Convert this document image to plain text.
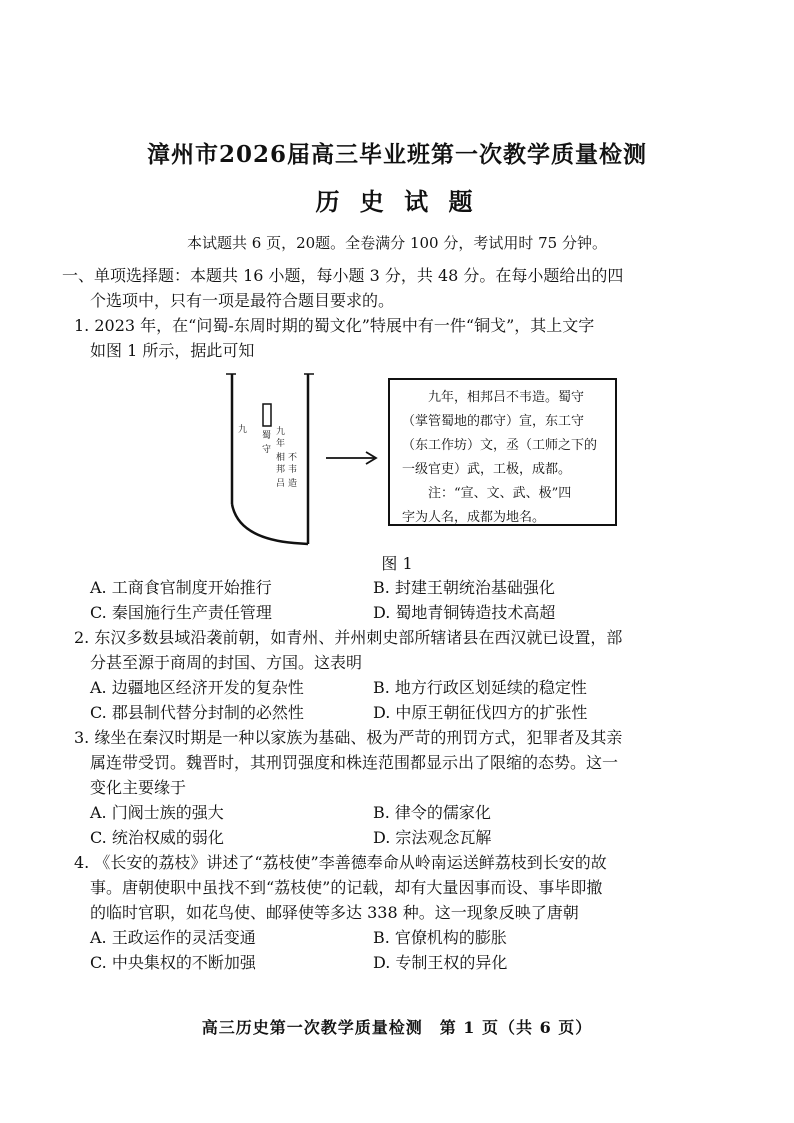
漳州市2026届高三毕业班第一次教学质量检测
历 史 试 题
本试题共 6 页，20题。全卷满分 100 分，考试用时 75 分钟。
一、单项选择题：本题共 16 小题，每小题 3 分，共 48 分。在每小题给出的四
个选项中，只有一项是最符合题目要求的。
1. 2023 年，在“问蜀-东周时期的蜀文化”特展中有一件“铜戈”，其上文字
如图 1 所示，据此可知
九
年
相
邦
吕
不
韦
造
蜀
守
九

九年，相邦吕不韦造。蜀守

（掌管蜀地的郡守）宣，东工守

（东工作坊）文，丞（工师之下的

一级官吏）武，工极，成都。

注：“宣、文、武、极”四

字为人名，成都为地名。

图 1
A. 工商食官制度开始推行	B. 封建王朝统治基础强化
C. 秦国施行生产责任管理	D. 蜀地青铜铸造技术高超
2. 东汉多数县域沿袭前朝，如青州、并州刺史部所辖诸县在西汉就已设置，部
分甚至源于商周的封国、方国。这表明
A. 边疆地区经济开发的复杂性	B. 地方行政区划延续的稳定性
C. 郡县制代替分封制的必然性	D. 中原王朝征伐四方的扩张性
3. 缘坐在秦汉时期是一种以家族为基础、极为严苛的刑罚方式，犯罪者及其亲
属连带受罚。魏晋时，其刑罚强度和株连范围都显示出了限缩的态势。这一
变化主要缘于
A. 门阀士族的强大	B. 律令的儒家化
C. 统治权威的弱化	D. 宗法观念瓦解
4. 《长安的荔枝》讲述了“荔枝使”李善德奉命从岭南运送鲜荔枝到长安的故
事。唐朝使职中虽找不到“荔枝使”的记载，却有大量因事而设、事毕即撤
的临时官职，如花鸟使、邮驿使等多达 338 种。这一现象反映了唐朝
A. 王政运作的灵活变通	B. 官僚机构的膨胀
C. 中央集权的不断加强	D. 专制王权的异化
高三历史第一次教学质量检测　第 1 页（共 6 页）
